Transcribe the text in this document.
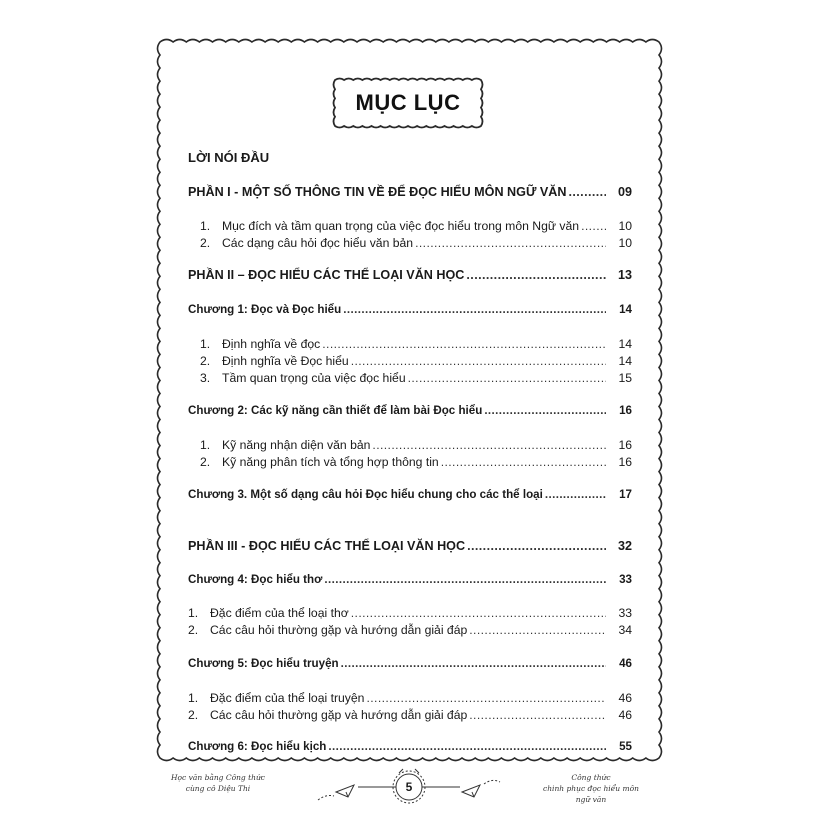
MỤC LỤC
LỜI NÓI ĐẦU
PHẦN I - MỘT SỐ THÔNG TIN VỀ ĐỂ ĐỌC HIỂU MÔN NGỮ VĂN .....	09
1. Mục đích và tầm quan trọng của việc đọc hiểu trong môn Ngữ văn .....	10
2. Các dạng câu hỏi đọc hiểu văn bản .....	10
PHẦN II – ĐỌC HIỂU CÁC THỂ LOẠI VĂN HỌC .....	13
Chương 1: Đọc và Đọc hiểu .....	14
1. Định nghĩa về đọc .....	14
2. Định nghĩa về Đọc hiểu .....	14
3. Tầm quan trọng của việc đọc hiểu .....	15
Chương 2: Các kỹ năng cần thiết để làm bài Đọc hiểu .....	16
1. Kỹ năng nhận diện văn bản .....	16
2. Kỹ năng phân tích và tổng hợp thông tin .....	16
Chương 3. Một số dạng câu hỏi Đọc hiểu chung cho các thể loại .....	17
PHẦN III - ĐỌC HIỂU CÁC THỂ LOẠI VĂN HỌC .....	32
Chương 4: Đọc hiểu thơ .....	33
1. Đặc điểm của thể loại thơ .....	33
2. Các câu hỏi thường gặp và hướng dẫn giải đáp .....	34
Chương 5: Đọc hiểu truyện .....	46
1. Đặc điểm của thể loại truyện .....	46
2. Các câu hỏi thường gặp và hướng dẫn giải đáp .....	46
Chương 6: Đọc hiểu kịch .....	55
Học văn bằng Công thức
cùng cô Diệu Thi	5
Công thức
chinh phục đọc hiểu môn ngữ văn
